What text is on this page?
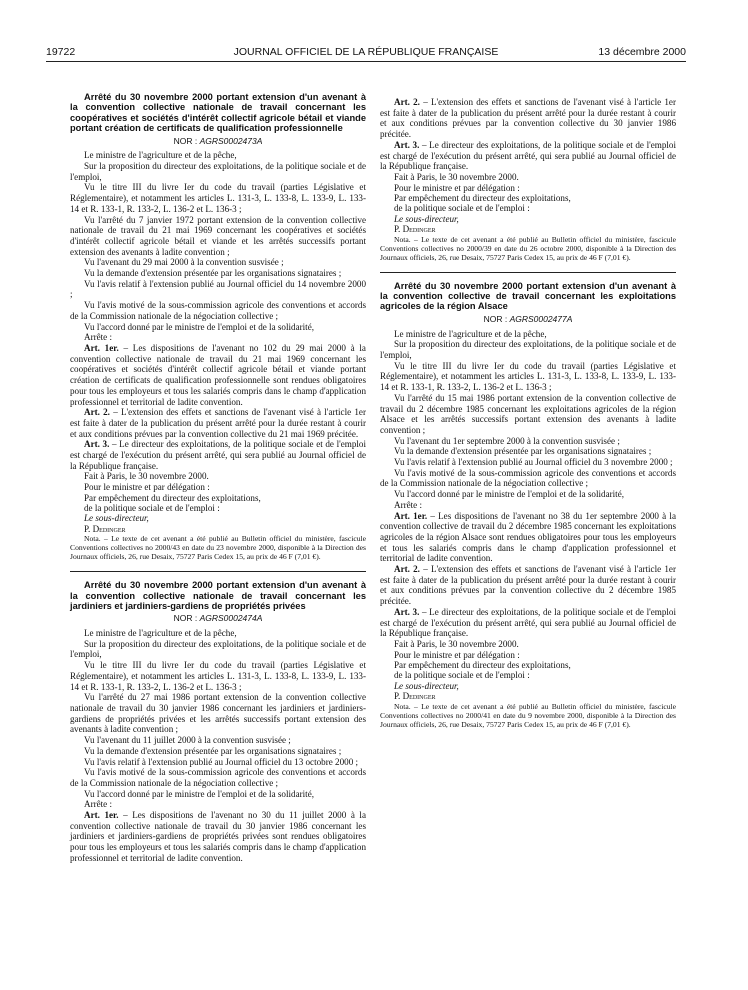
19722	JOURNAL OFFICIEL DE LA RÉPUBLIQUE FRANÇAISE	13 décembre 2000

Arrêté du 30 novembre 2000 portant extension d'un avenant à la convention collective nationale de travail concernant les coopératives et sociétés d'intérêt collectif agricole bétail et viande portant création de certificats de qualification professionnelle

NOR : AGRS0002473A

Le ministre de l'agriculture et de la pêche,

Sur la proposition du directeur des exploitations, de la politique sociale et de l'emploi,

Vu le titre III du livre Ier du code du travail (parties Législative et Réglementaire), et notamment les articles L. 131-3, L. 133-8, L. 133-9, L. 133-14 et R. 133-1, R. 133-2, L. 136-2 et L. 136-3 ;

Vu l'arrêté du 7 janvier 1972 portant extension de la convention collective nationale de travail du 21 mai 1969 concernant les coopératives et sociétés d'intérêt collectif agricole bétail et viande et les arrêtés successifs portant extension des avenants à ladite convention ;

Vu l'avenant du 29 mai 2000 à la convention susvisée ;

Vu la demande d'extension présentée par les organisations signataires ;

Vu l'avis relatif à l'extension publié au Journal officiel du 14 novembre 2000 ;

Vu l'avis motivé de la sous-commission agricole des conventions et accords de la Commission nationale de la négociation collective ;

Vu l'accord donné par le ministre de l'emploi et de la solidarité,

Arrête :

Art. 1er. – Les dispositions de l'avenant no 102 du 29 mai 2000 à la convention collective nationale de travail du 21 mai 1969 concernant les coopératives et sociétés d'intérêt collectif agricole bétail et viande portant création de certificats de qualification professionnelle sont rendues obligatoires pour tous les employeurs et tous les salariés compris dans le champ d'application professionnel et territorial de ladite convention.

Art. 2. – L'extension des effets et sanctions de l'avenant visé à l'article 1er est faite à dater de la publication du présent arrêté pour la durée restant à courir et aux conditions prévues par la convention collective du 21 mai 1969 précitée.

Art. 3. – Le directeur des exploitations, de la politique sociale et de l'emploi est chargé de l'exécution du présent arrêté, qui sera publié au Journal officiel de la République française.

Fait à Paris, le 30 novembre 2000.

Pour le ministre et par délégation :

Par empêchement du directeur des exploitations,

de la politique sociale et de l'emploi :

Le sous-directeur,

P. Dedinger

Nota. – Le texte de cet avenant a été publié au Bulletin officiel du ministère, fascicule Conventions collectives no 2000/43 en date du 23 novembre 2000, disponible à la Direction des Journaux officiels, 26, rue Desaix, 75727 Paris Cedex 15, au prix de 46 F (7,01 €).

Arrêté du 30 novembre 2000 portant extension d'un avenant à la convention collective nationale de travail concernant les jardiniers et jardiniers-gardiens de propriétés privées

NOR : AGRS0002474A

Le ministre de l'agriculture et de la pêche,

Sur la proposition du directeur des exploitations, de la politique sociale et de l'emploi,

Vu le titre III du livre Ier du code du travail (parties Législative et Réglementaire), et notamment les articles L. 131-3, L. 133-8, L. 133-9, L. 133-14 et R. 133-1, R. 133-2, L. 136-2 et L. 136-3 ;

Vu l'arrêté du 27 mai 1986 portant extension de la convention collective nationale de travail du 30 janvier 1986 concernant les jardiniers et jardiniers-gardiens de propriétés privées et les arrêtés successifs portant extension des avenants à ladite convention ;

Vu l'avenant du 11 juillet 2000 à la convention susvisée ;

Vu la demande d'extension présentée par les organisations signataires ;

Vu l'avis relatif à l'extension publié au Journal officiel du 13 octobre 2000 ;

Vu l'avis motivé de la sous-commission agricole des conventions et accords de la Commission nationale de la négociation collective ;

Vu l'accord donné par le ministre de l'emploi et de la solidarité,

Arrête :

Art. 1er. – Les dispositions de l'avenant no 30 du 11 juillet 2000 à la convention collective nationale de travail du 30 janvier 1986 concernant les jardiniers et jardiniers-gardiens de propriétés privées sont rendues obligatoires pour tous les employeurs et tous les salariés compris dans le champ d'application professionnel et territorial de ladite convention.

Art. 2. – L'extension des effets et sanctions de l'avenant visé à l'article 1er est faite à dater de la publication du présent arrêté pour la durée restant à courir et aux conditions prévues par la convention collective du 30 janvier 1986 précitée.

Art. 3. – Le directeur des exploitations, de la politique sociale et de l'emploi est chargé de l'exécution du présent arrêté, qui sera publié au Journal officiel de la République française.

Fait à Paris, le 30 novembre 2000.

Pour le ministre et par délégation :

Par empêchement du directeur des exploitations,

de la politique sociale et de l'emploi :

Le sous-directeur,

P. Dedinger

Nota. – Le texte de cet avenant a été publié au Bulletin officiel du ministère, fascicule Conventions collectives no 2000/39 en date du 26 octobre 2000, disponible à la Direction des Journaux officiels, 26, rue Desaix, 75727 Paris Cedex 15, au prix de 46 F (7,01 €).

Arrêté du 30 novembre 2000 portant extension d'un avenant à la convention collective de travail concernant les exploitations agricoles de la région Alsace

NOR : AGRS0002477A

Le ministre de l'agriculture et de la pêche,

Sur la proposition du directeur des exploitations, de la politique sociale et de l'emploi,

Vu le titre III du livre Ier du code du travail (parties Législative et Réglementaire), et notamment les articles L. 131-3, L. 133-8, L. 133-9, L. 133-14 et R. 133-1, R. 133-2, L. 136-2 et L. 136-3 ;

Vu l'arrêté du 15 mai 1986 portant extension de la convention collective de travail du 2 décembre 1985 concernant les exploitations agricoles de la région Alsace et les arrêtés successifs portant extension des avenants à ladite convention ;

Vu l'avenant du 1er septembre 2000 à la convention susvisée ;

Vu la demande d'extension présentée par les organisations signataires ;

Vu l'avis relatif à l'extension publié au Journal officiel du 3 novembre 2000 ;

Vu l'avis motivé de la sous-commission agricole des conventions et accords de la Commission nationale de la négociation collective ;

Vu l'accord donné par le ministre de l'emploi et de la solidarité,

Arrête :

Art. 1er. – Les dispositions de l'avenant no 38 du 1er septembre 2000 à la convention collective de travail du 2 décembre 1985 concernant les exploitations agricoles de la région Alsace sont rendues obligatoires pour tous les employeurs et tous les salariés compris dans le champ d'application professionnel et territorial de ladite convention.

Art. 2. – L'extension des effets et sanctions de l'avenant visé à l'article 1er est faite à dater de la publication du présent arrêté pour la durée restant à courir et aux conditions prévues par la convention collective du 2 décembre 1985 précitée.

Art. 3. – Le directeur des exploitations, de la politique sociale et de l'emploi est chargé de l'exécution du présent arrêté, qui sera publié au Journal officiel de la République française.

Fait à Paris, le 30 novembre 2000.

Pour le ministre et par délégation :

Par empêchement du directeur des exploitations,

de la politique sociale et de l'emploi :

Le sous-directeur,

P. Dedinger

Nota. – Le texte de cet avenant a été publié au Bulletin officiel du ministère, fascicule Conventions collectives no 2000/41 en date du 9 novembre 2000, disponible à la Direction des Journaux officiels, 26, rue Desaix, 75727 Paris Cedex 15, au prix de 46 F (7,01 €).
